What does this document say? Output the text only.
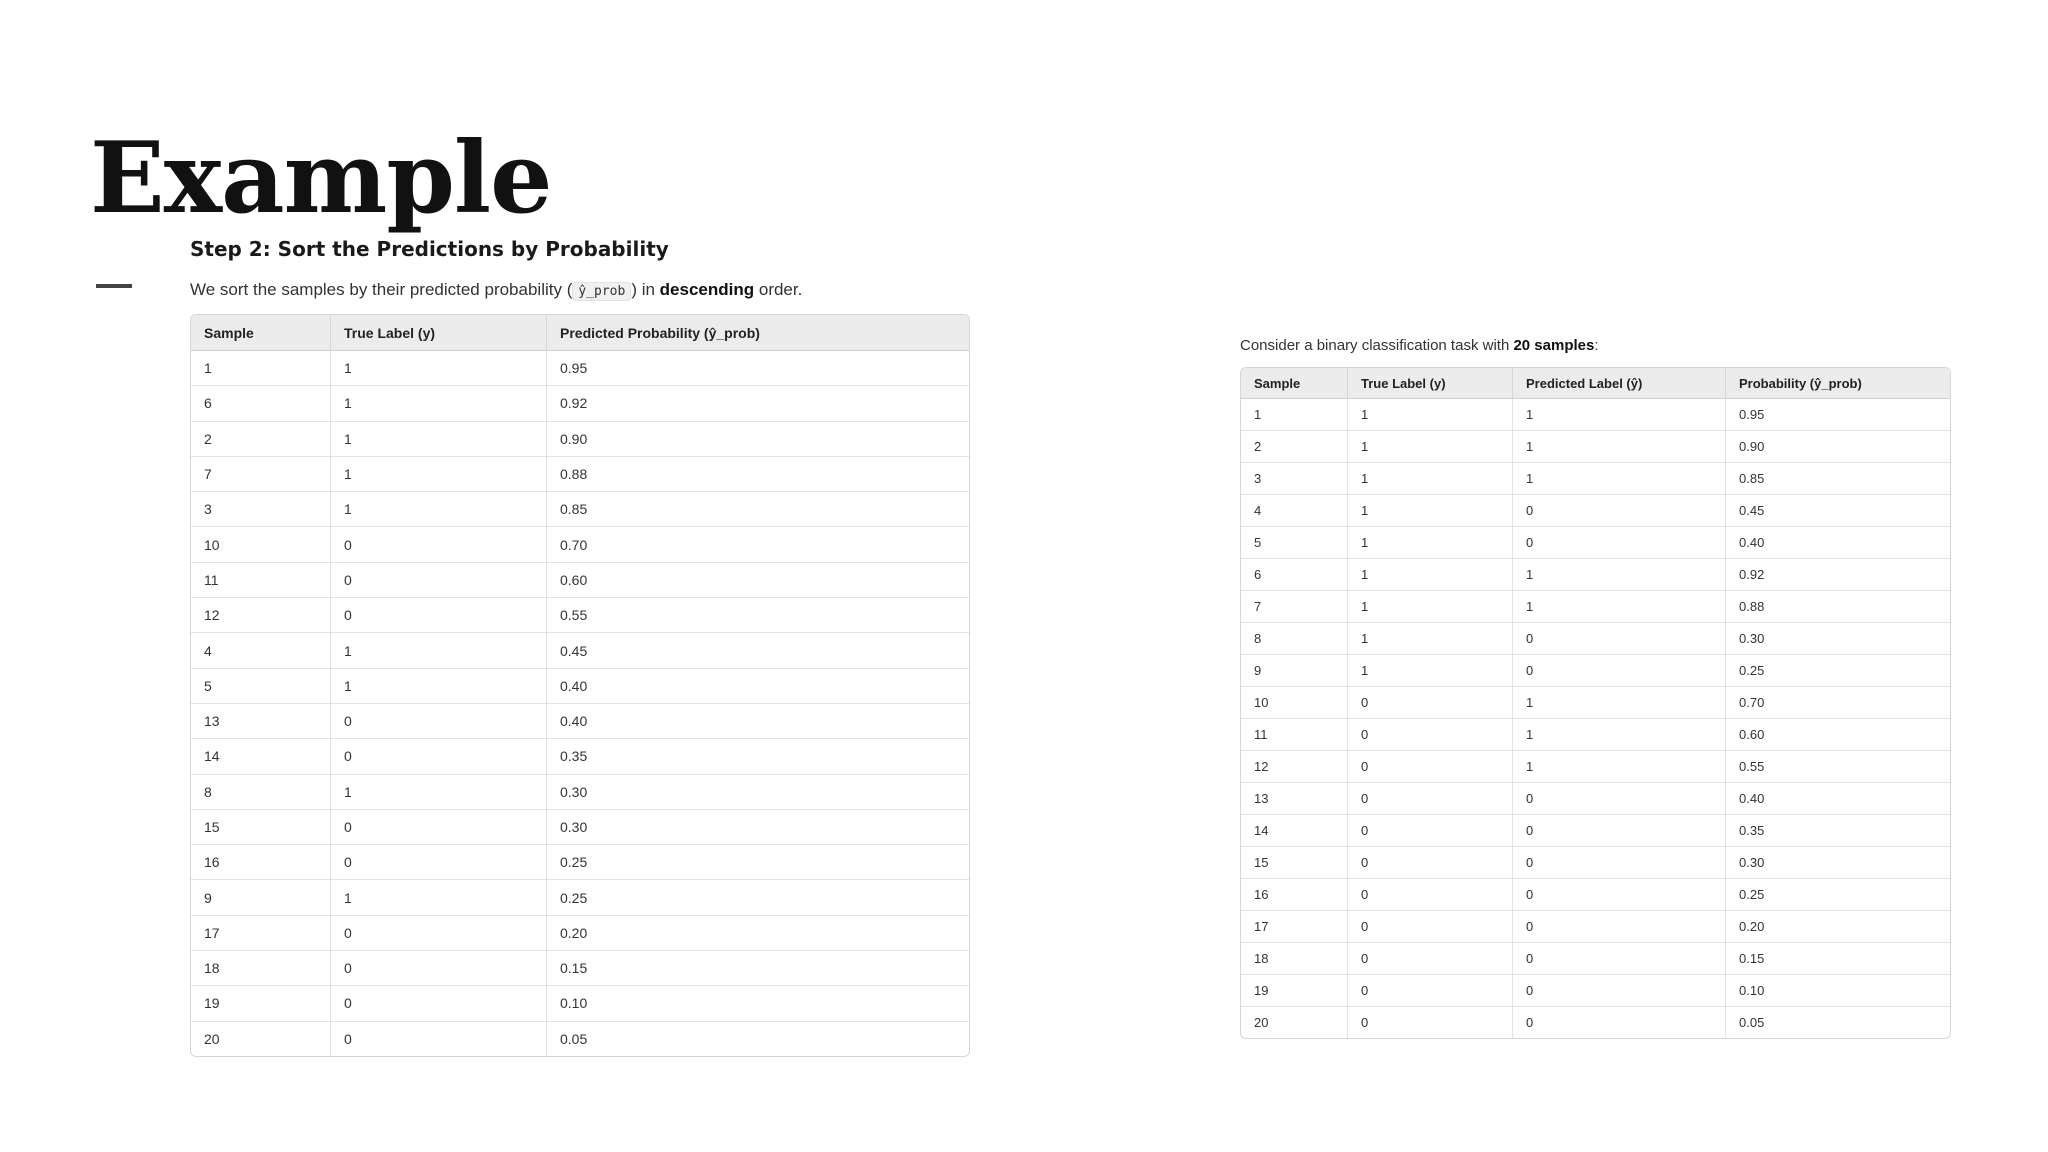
Example
Step 2: Sort the Predictions by Probability
We sort the samples by their predicted probability ( ŷ_prob ) in descending order.
Sample	True Label (y)	Predicted Probability (ŷ_prob)
1	1	0.95
6	1	0.92
2	1	0.90
7	1	0.88
3	1	0.85
10	0	0.70
11	0	0.60
12	0	0.55
4	1	0.45
5	1	0.40
13	0	0.40
14	0	0.35
8	1	0.30
15	0	0.30
16	0	0.25
9	1	0.25
17	0	0.20
18	0	0.15
19	0	0.10
20	0	0.05
Consider a binary classification task with 20 samples:
Sample	True Label (y)	Predicted Label (ŷ)	Probability (ŷ_prob)
1	1	1	0.95
2	1	1	0.90
3	1	1	0.85
4	1	0	0.45
5	1	0	0.40
6	1	1	0.92
7	1	1	0.88
8	1	0	0.30
9	1	0	0.25
10	0	1	0.70
11	0	1	0.60
12	0	1	0.55
13	0	0	0.40
14	0	0	0.35
15	0	0	0.30
16	0	0	0.25
17	0	0	0.20
18	0	0	0.15
19	0	0	0.10
20	0	0	0.05
